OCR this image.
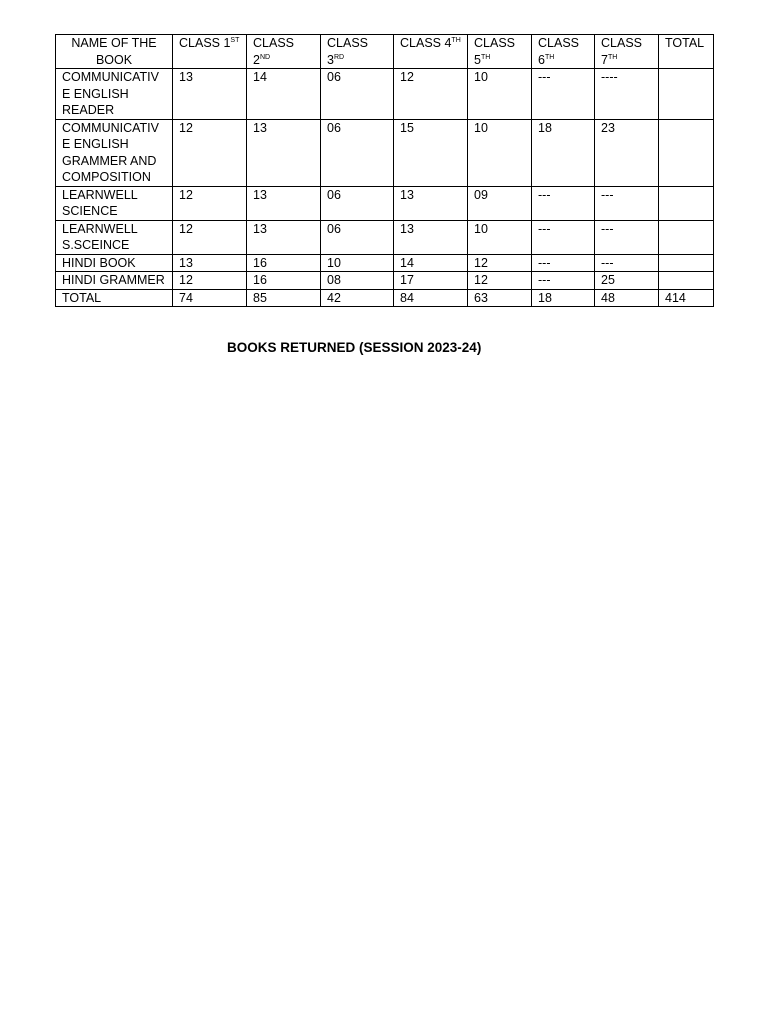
NAME OF THE BOOK	CLASS 1ST	CLASS 2ND	CLASS 3RD	CLASS 4TH	CLASS 5TH	CLASS 6TH	CLASS 7TH	TOTAL
COMMUNICATIVE ENGLISH READER	13	14	06	12	10	---	----	
COMMUNICATIVE ENGLISH GRAMMER AND COMPOSITION	12	13	06	15	10	18	23	
LEARNWELL SCIENCE	12	13	06	13	09	---	---	
LEARNWELL S.SCEINCE	12	13	06	13	10	---	---	
HINDI BOOK	13	16	10	14	12	---	---	
HINDI GRAMMER	12	16	08	17	12	---	25	
TOTAL	74	85	42	84	63	18	48	414
BOOKS RETURNED (SESSION 2023-24)
